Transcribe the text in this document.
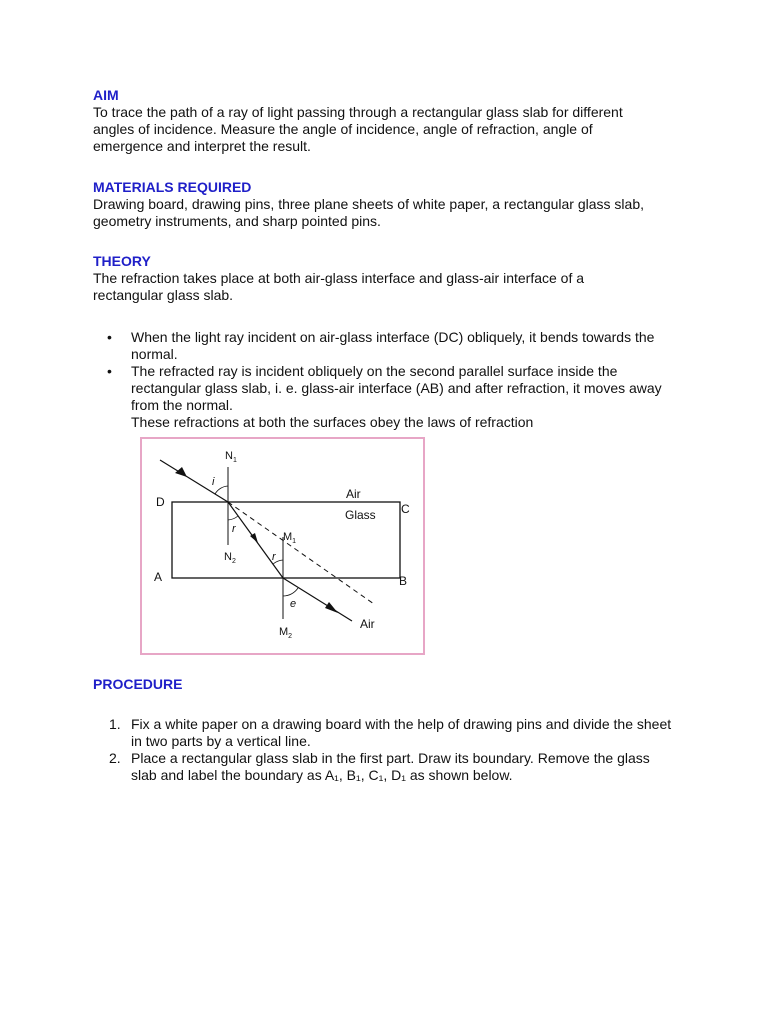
AIM

To trace the path of a ray of light passing through a rectangular glass slab for different angles of incidence. Measure the angle of incidence, angle of refraction, angle of emergence and interpret the result.

MATERIALS REQUIRED

Drawing board, drawing pins, three plane sheets of white paper, a rectangular glass slab, geometry instruments, and sharp pointed pins.

THEORY

The refraction takes place at both air-glass interface and glass-air interface of a rectangular glass slab.

• When the light ray incident on air-glass interface (DC) obliquely, it bends towards the normal.
• The refracted ray is incident obliquely on the second parallel surface inside the rectangular glass slab, i. e. glass-air interface (AB) and after refraction, it moves away from the normal.
These refractions at both the surfaces obey the laws of refraction
$N_1$
i
r
$N_2$
$M_1$
r
e
$M_2$
D	C
A	B
Air
Glass
Air

PROCEDURE

1. Fix a white paper on a drawing board with the help of drawing pins and divide the sheet in two parts by a vertical line.
2. Place a rectangular glass slab in the first part. Draw its boundary. Remove the glass slab and label the boundary as A₁, B₁, C₁, D₁ as shown below.
